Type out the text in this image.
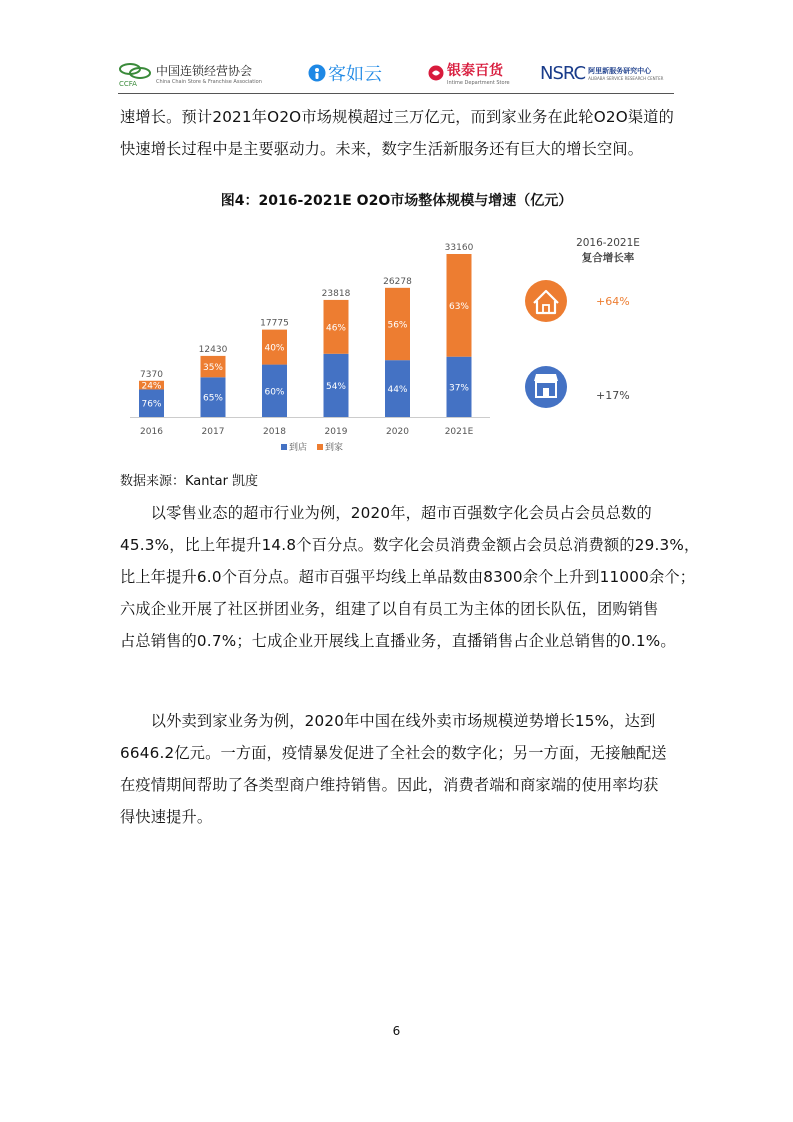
CCFA
中国连锁经营协会
China Chain Store & Franchise Association	客如云	银泰百货
Intime Department Store NSRC 阿里新服务研究中心
ALIBABA SERVICE RESEARCH CENTER
速增长。预计2021年O2O市场规模超过三万亿元，而到家业务在此轮O2O渠道的
快速增长过程中是主要驱动力。未来，数字生活新服务还有巨大的增长空间。
图4：2016-2021E O2O市场整体规模与增速（亿元）
76%
24%
7370
2016
65%
35%
12430
2017
60%
40%
17775
2018
54%
46%
23818
2019
44%
56%
26278
2020
37%
63%
33160
2021E
到店 到家
2016-2021E
复合增长率
+64%
+17%
数据来源：Kantar 凯度
　　以零售业态的超市行业为例，2020年，超市百强数字化会员占会员总数的
45.3%，比上年提升14.8个百分点。数字化会员消费金额占会员总消费额的29.3%，
比上年提升6.0个百分点。超市百强平均线上单品数由8300余个上升到11000余个；
六成企业开展了社区拼团业务，组建了以自有员工为主体的团长队伍，团购销售
占总销售的0.7%；七成企业开展线上直播业务，直播销售占企业总销售的0.1%。
　　以外卖到家业务为例，2020年中国在线外卖市场规模逆势增长15%，达到
6646.2亿元。一方面，疫情暴发促进了全社会的数字化；另一方面，无接触配送
在疫情期间帮助了各类型商户维持销售。因此，消费者端和商家端的使用率均获
得快速提升。
6
